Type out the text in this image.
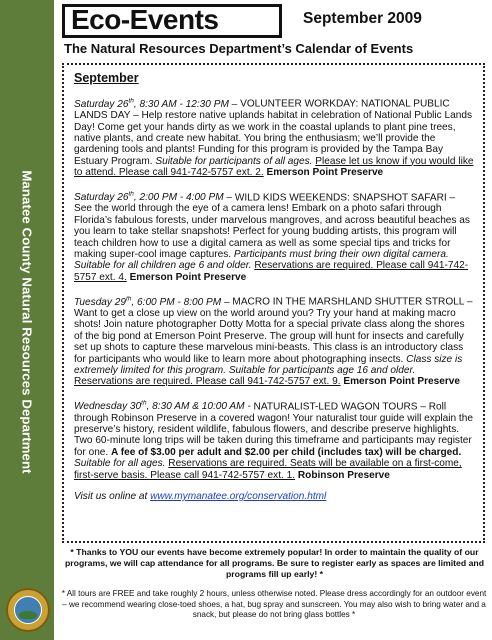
Manatee County Natural Resources Department
Eco-Events	September 2009
The Natural Resources Department’s Calendar of Events
September
Saturday 26th, 8:30 AM - 12:30 PM – VOLUNTEER WORKDAY: NATIONAL PUBLIC LANDS DAY – Help restore native uplands habitat in celebration of National Public Lands Day! Come get your hands dirty as we work in the coastal uplands to plant pine trees, native plants, and create new habitat. You bring the enthusiasm; we’ll provide the gardening tools and plants! Funding for this program is provided by the Tampa Bay Estuary Program. Suitable for participants of all ages. Please let us know if you would like to attend. Please call 941-742-5757 ext. 2. Emerson Point Preserve
Saturday 26th, 2:00 PM - 4:00 PM – WILD KIDS WEEKENDS: SNAPSHOT SAFARI – See the world through the eye of a camera lens! Embark on a photo safari through Florida’s fabulous forests, under marvelous mangroves, and across beautiful beaches as you learn to take stellar snapshots! Perfect for young budding artists, this program will teach children how to use a digital camera as well as some special tips and tricks for making super-cool image captures. Participants must bring their own digital camera. Suitable for all children age 6 and older. Reservations are required. Please call 941-742-5757 ext. 4. Emerson Point Preserve
Tuesday 29th, 6:00 PM - 8:00 PM – MACRO IN THE MARSHLAND SHUTTER STROLL – Want to get a close up view on the world around you? Try your hand at making macro shots! Join nature photographer Dotty Motta for a special private class along the shores of the big pond at Emerson Point Preserve. The group will hunt for insects and carefully set up shots to capture these marvelous mini-beasts. This class is an introductory class for participants who would like to learn more about photographing insects. Class size is extremely limited for this program. Suitable for participants age 16 and older. Reservations are required. Please call 941-742-5757 ext. 9. Emerson Point Preserve
Wednesday 30th, 8:30 AM & 10:00 AM - NATURALIST-LED WAGON TOURS – Roll through Robinson Preserve in a covered wagon! Your naturalist tour guide will explain the preserve’s history, resident wildlife, fabulous flowers, and describe preserve highlights. Two 60-minute long trips will be taken during this timeframe and participants may register for one. A fee of $3.00 per adult and $2.00 per child (includes tax) will be charged. Suitable for all ages. Reservations are required. Seats will be available on a first-come, first-serve basis. Please call 941-742-5757 ext. 1. Robinson Preserve
Visit us online at www.mymanatee.org/conservation.html
* Thanks to YOU our events have become extremely popular! In order to maintain the quality of our programs, we will cap attendance for all programs. Be sure to register early as spaces are limited and programs fill up early! *
* All tours are FREE and take roughly 2 hours, unless otherwise noted. Please dress accordingly for an outdoor event – we recommend wearing close-toed shoes, a hat, bug spray and sunscreen. You may also wish to bring water and a snack, but please do not bring glass bottles *
